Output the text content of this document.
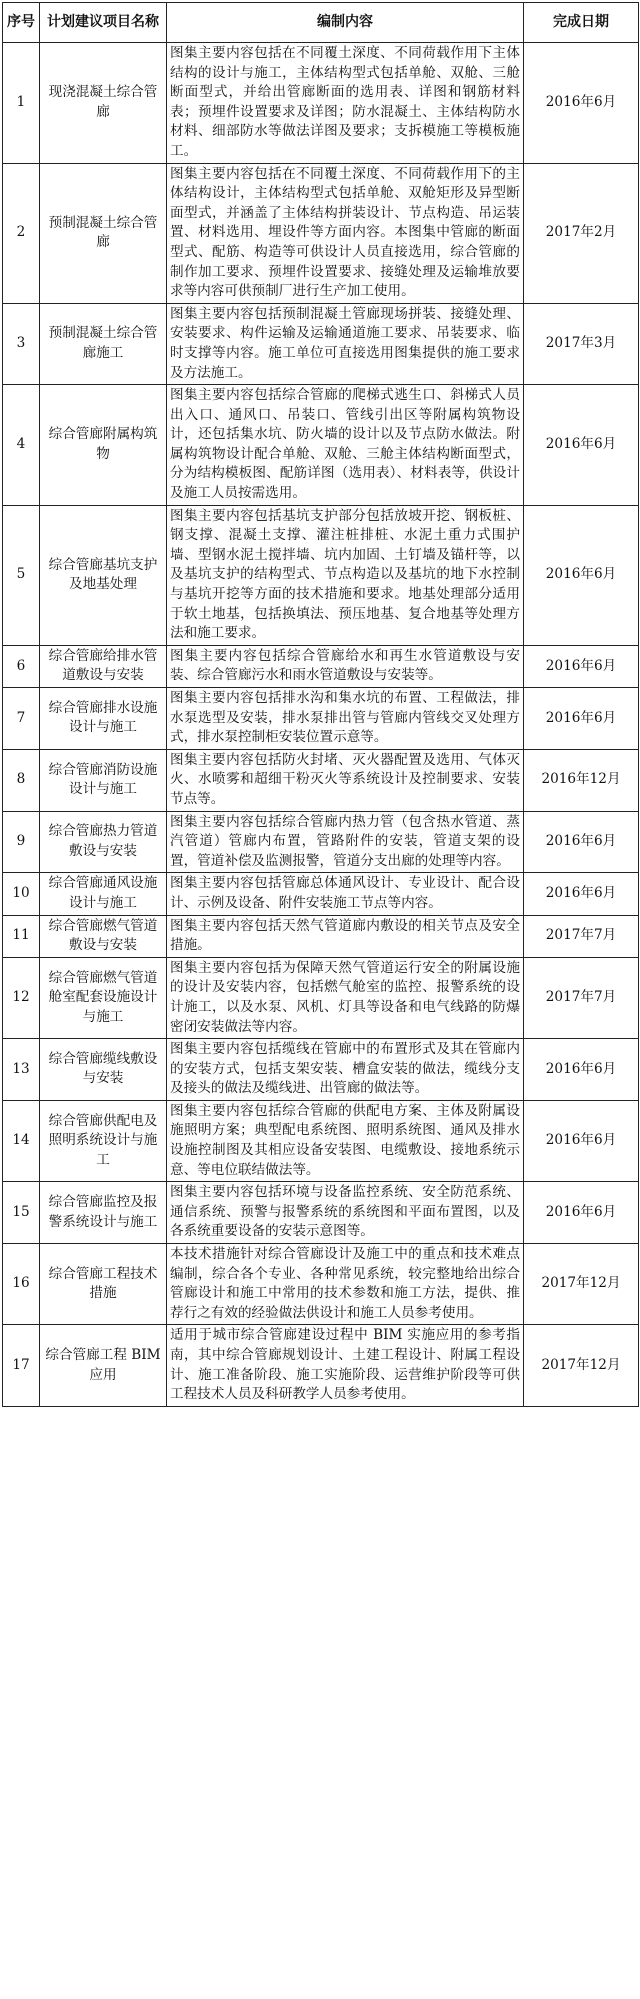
序号	计划建议项目名称	编制内容	完成日期
1	现浇混凝土综合管廊	图集主要内容包括在不同覆土深度、不同荷载作用下主体结构的设计与施工，主体结构型式包括单舱、双舱、三舱断面型式，并给出管廊断面的选用表、详图和钢筋材料表；预埋件设置要求及详图；防水混凝土、主体结构防水材料、细部防水等做法详图及要求；支拆模施工等模板施工。	2016年6月
2	预制混凝土综合管廊	图集主要内容包括在不同覆土深度、不同荷载作用下的主体结构设计，主体结构型式包括单舱、双舱矩形及异型断面型式，并涵盖了主体结构拼装设计、节点构造、吊运装置、材料选用、埋设件等方面内容。本图集中管廊的断面型式、配筋、构造等可供设计人员直接选用，综合管廊的制作加工要求、预埋件设置要求、接缝处理及运输堆放要求等内容可供预制厂进行生产加工使用。	2017年2月
3	预制混凝土综合管廊施工	图集主要内容包括预制混凝土管廊现场拼装、接缝处理、安装要求、构件运输及运输通道施工要求、吊装要求、临时支撑等内容。施工单位可直接选用图集提供的施工要求及方法施工。	2017年3月
4	综合管廊附属构筑物	图集主要内容包括综合管廊的爬梯式逃生口、斜梯式人员出入口、通风口、吊装口、管线引出区等附属构筑物设计，还包括集水坑、防火墙的设计以及节点防水做法。附属构筑物设计配合单舱、双舱、三舱主体结构断面型式，分为结构模板图、配筋详图（选用表）、材料表等，供设计及施工人员按需选用。	2016年6月
5	综合管廊基坑支护及地基处理	图集主要内容包括基坑支护部分包括放坡开挖、钢板桩、钢支撑、混凝土支撑、灌注桩排桩、水泥土重力式围护墙、型钢水泥土搅拌墙、坑内加固、土钉墙及锚杆等，以及基坑支护的结构型式、节点构造以及基坑的地下水控制与基坑开挖等方面的技术措施和要求。地基处理部分适用于软土地基，包括换填法、预压地基、复合地基等处理方法和施工要求。	2016年6月
6	综合管廊给排水管道敷设与安装	图集主要内容包括综合管廊给水和再生水管道敷设与安装、综合管廊污水和雨水管道敷设与安装等。	2016年6月
7	综合管廊排水设施设计与施工	图集主要内容包括排水沟和集水坑的布置、工程做法，排水泵选型及安装，排水泵排出管与管廊内管线交叉处理方式，排水泵控制柜安装位置示意等。	2016年6月
8	综合管廊消防设施设计与施工	图集主要内容包括防火封堵、灭火器配置及选用、气体灭火、水喷雾和超细干粉灭火等系统设计及控制要求、安装节点等。	2016年12月
9	综合管廊热力管道敷设与安装	图集主要内容包括综合管廊内热力管（包含热水管道、蒸汽管道）管廊内布置，管路附件的安装，管道支架的设置，管道补偿及监测报警，管道分支出廊的处理等内容。	2016年6月
10	综合管廊通风设施设计与施工	图集主要内容包括管廊总体通风设计、专业设计、配合设计、示例及设备、附件安装施工节点等内容。	2016年6月
11	综合管廊燃气管道敷设与安装	图集主要内容包括天然气管道廊内敷设的相关节点及安全措施。	2017年7月
12	综合管廊燃气管道舱室配套设施设计与施工	图集主要内容包括为保障天然气管道运行安全的附属设施的设计及安装内容，包括燃气舱室的监控、报警系统的设计施工，以及水泵、风机、灯具等设备和电气线路的防爆密闭安装做法等内容。	2017年7月
13	综合管廊缆线敷设与安装	图集主要内容包括缆线在管廊中的布置形式及其在管廊内的安装方式，包括支架安装、槽盒安装的做法，缆线分支及接头的做法及缆线进、出管廊的做法等。	2016年6月
14	综合管廊供配电及照明系统设计与施工	图集主要内容包括综合管廊的供配电方案、主体及附属设施照明方案；典型配电系统图、照明系统图、通风及排水设施控制图及其相应设备安装图、电缆敷设、接地系统示意、等电位联结做法等。	2016年6月
15	综合管廊监控及报警系统设计与施工	图集主要内容包括环境与设备监控系统、安全防范系统、通信系统、预警与报警系统的系统图和平面布置图，以及各系统重要设备的安装示意图等。	2016年6月
16	综合管廊工程技术措施	本技术措施针对综合管廊设计及施工中的重点和技术难点编制，综合各个专业、各种常见系统，较完整地给出综合管廊设计和施工中常用的技术参数和施工方法，提供、推荐行之有效的经验做法供设计和施工人员参考使用。	2017年12月
17	综合管廊工程 BIM 应用	适用于城市综合管廊建设过程中 BIM 实施应用的参考指南，其中综合管廊规划设计、土建工程设计、附属工程设计、施工准备阶段、施工实施阶段、运营维护阶段等可供工程技术人员及科研教学人员参考使用。	2017年12月
